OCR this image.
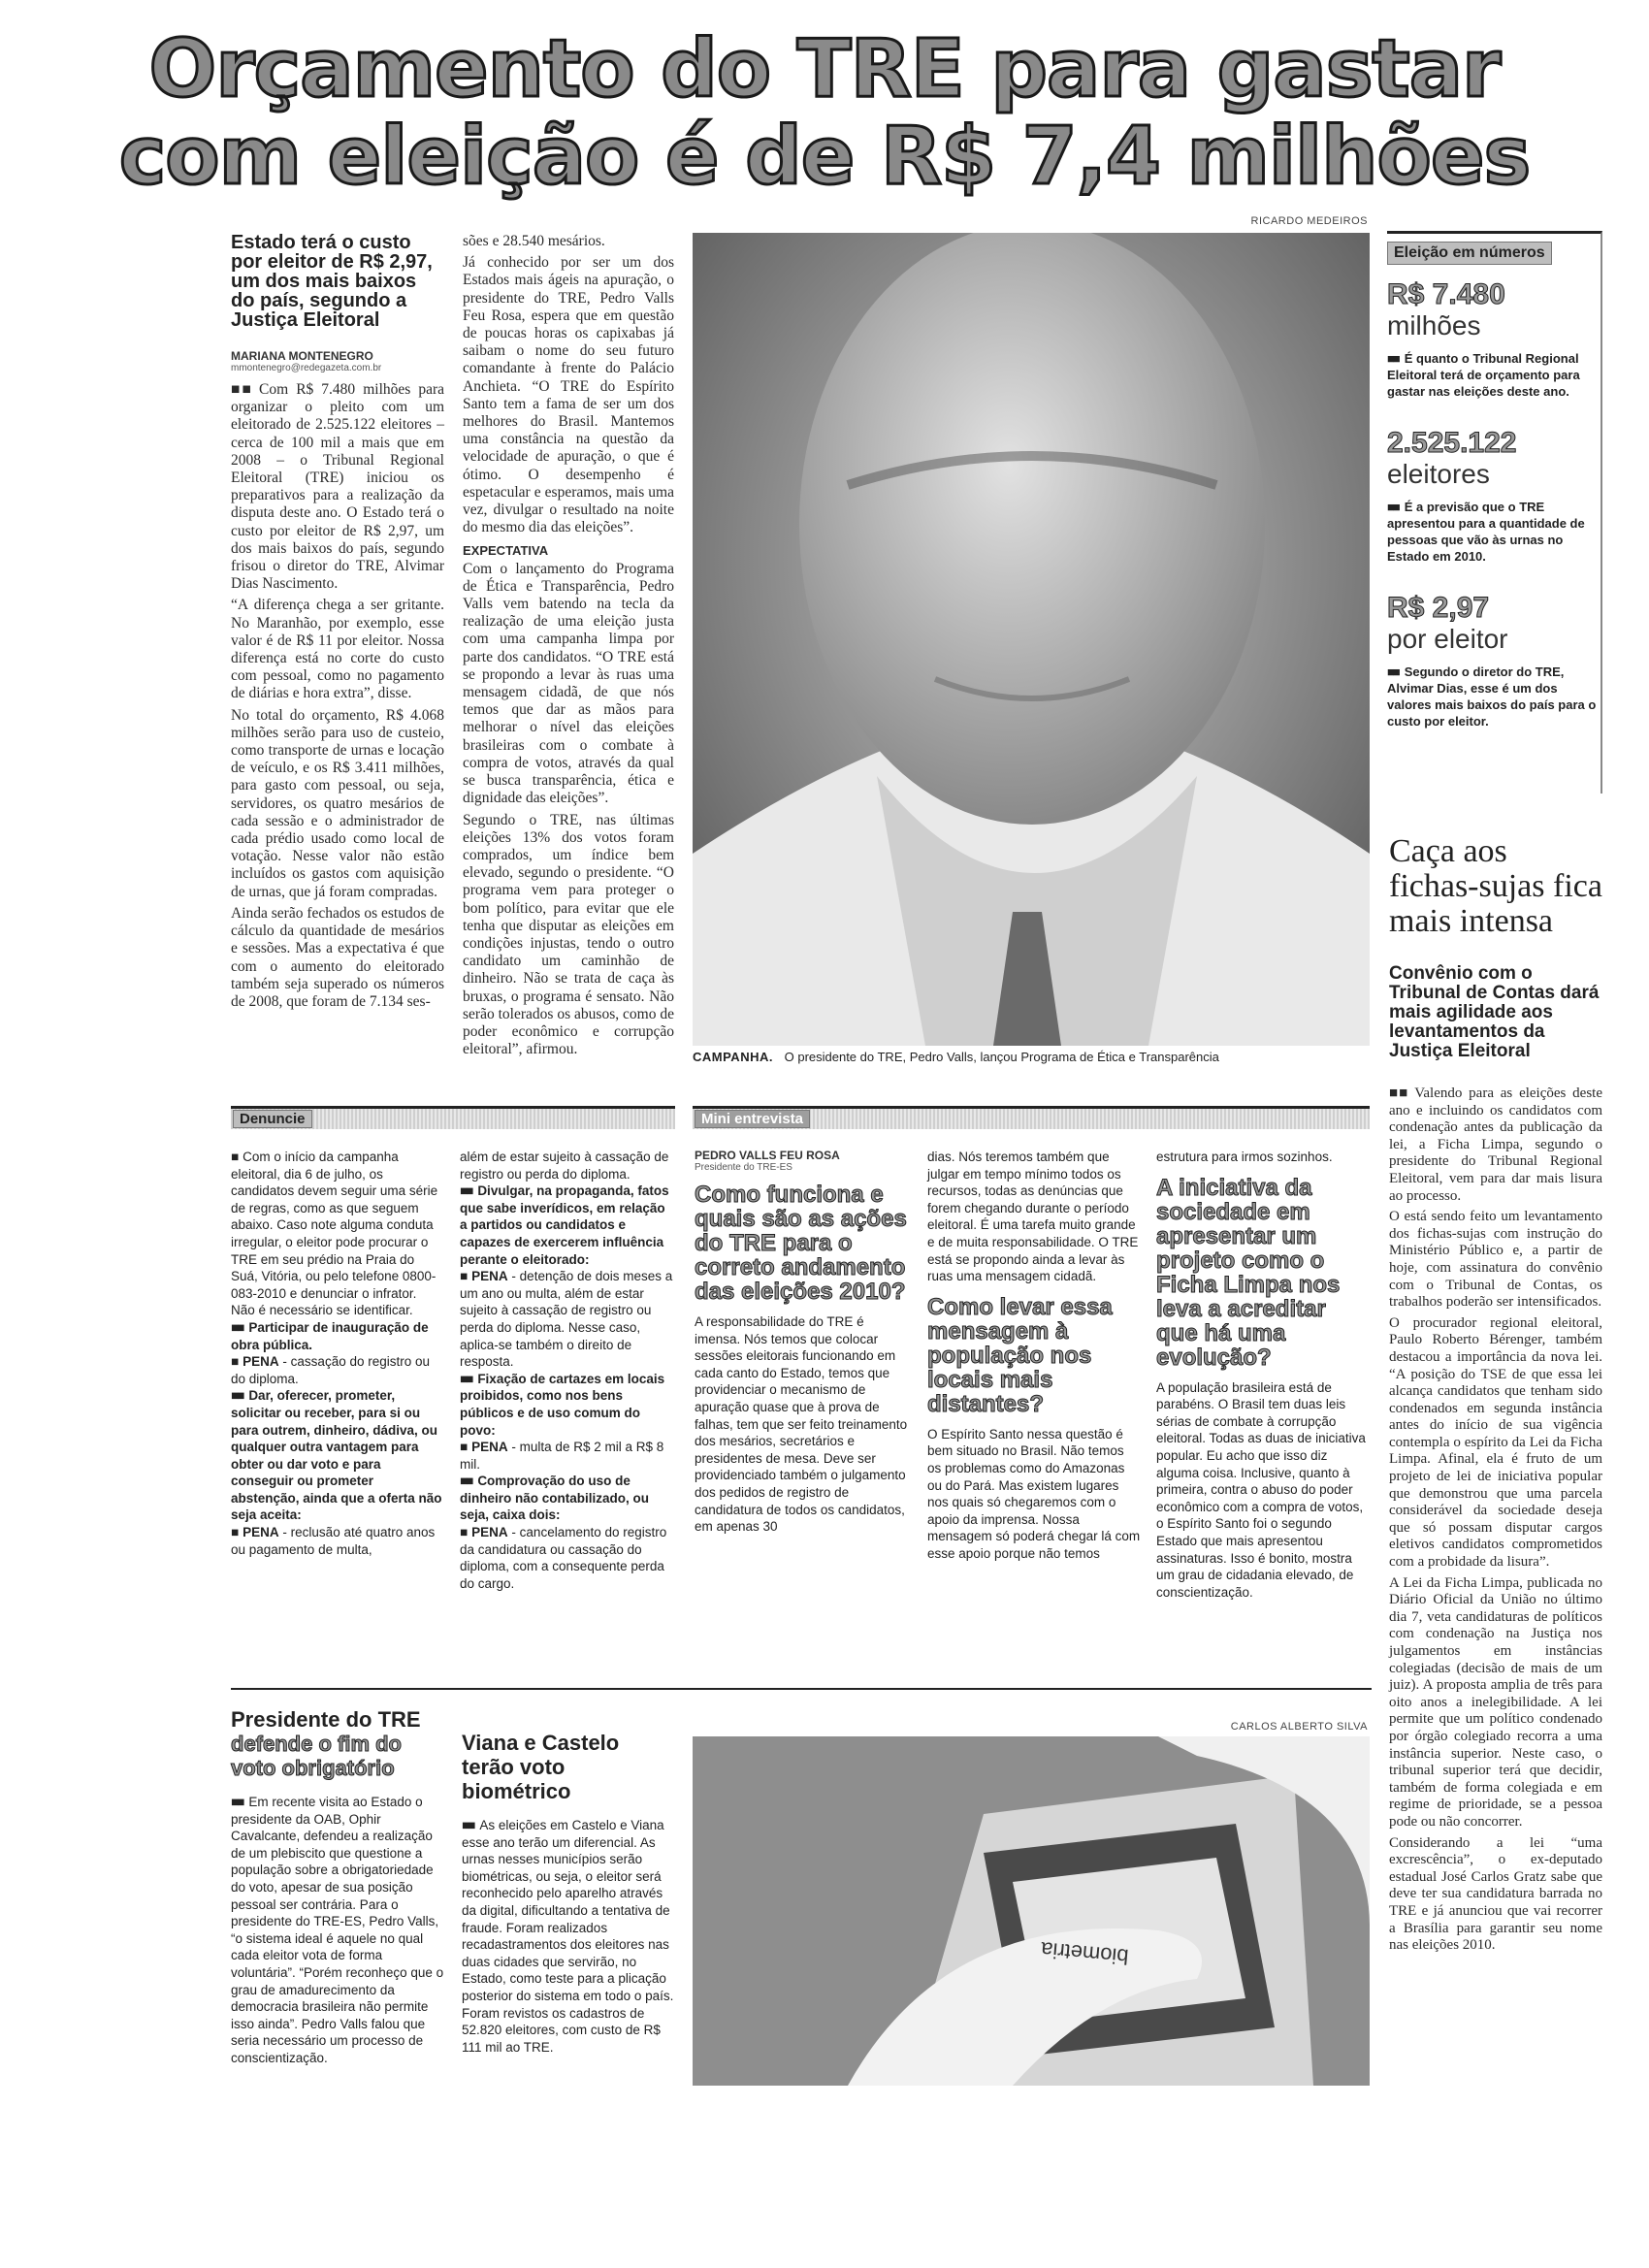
Orçamento do TRE para gastar
com eleição é de R$ 7,4 milhões
Estado terá o custo por eleitor de R$ 2,97, um dos mais baixos do país, segundo a Justiça Eleitoral
MARIANA MONTENEGRO
mmontenegro@redegazeta.com.br

■■ Com R$ 7.480 milhões para organizar o pleito com um eleitorado de 2.525.122 eleitores – cerca de 100 mil a mais que em 2008 – o Tribunal Regional Eleitoral (TRE) iniciou os preparativos para a realização da disputa deste ano. O Estado terá o custo por eleitor de R$ 2,97, um dos mais baixos do país, segundo frisou o diretor do TRE, Alvimar Dias Nascimento.

“A diferença chega a ser gritante. No Maranhão, por exemplo, esse valor é de R$ 11 por eleitor. Nossa diferença está no corte do custo com pessoal, como no pagamento de diárias e hora extra”, disse.

No total do orçamento, R$ 4.068 milhões serão para uso de custeio, como transporte de urnas e locação de veículo, e os R$ 3.411 milhões, para gasto com pessoal, ou seja, servidores, os quatro mesários de cada sessão e o administrador de cada prédio usado como local de votação. Nesse valor não estão incluídos os gastos com aquisição de urnas, que já foram compradas.

Ainda serão fechados os estudos de cálculo da quantidade de mesários e sessões. Mas a expectativa é que com o aumento do eleitorado também seja superado os números de 2008, que foram de 7.134 ses-

sões e 28.540 mesários.

Já conhecido por ser um dos Estados mais ágeis na apuração, o presidente do TRE, Pedro Valls Feu Rosa, espera que em questão de poucas horas os capixabas já saibam o nome do seu futuro comandante à frente do Palácio Anchieta. “O TRE do Espírito Santo tem a fama de ser um dos melhores do Brasil. Mantemos uma constância na questão da velocidade de apuração, o que é ótimo. O desempenho é espetacular e esperamos, mais uma vez, divulgar o resultado na noite do mesmo dia das eleições”.

EXPECTATIVA

Com o lançamento do Programa de Ética e Transparência, Pedro Valls vem batendo na tecla da realização de uma eleição justa com uma campanha limpa por parte dos candidatos. “O TRE está se propondo a levar às ruas uma mensagem cidadã, de que nós temos que dar as mãos para melhorar o nível das eleições brasileiras com o combate à compra de votos, através da qual se busca transparência, ética e dignidade das eleições”.

Segundo o TRE, nas últimas eleições 13% dos votos foram comprados, um índice bem elevado, segundo o presidente. “O programa vem para proteger o bom político, para evitar que ele tenha que disputar as eleições em condições injustas, tendo o outro candidato um caminhão de dinheiro. Não se trata de caça às bruxas, o programa é sensato. Não serão tolerados os abusos, como de poder econômico e corrupção eleitoral”, afirmou.

RICARDO MEDEIROS
CAMPANHA. O presidente do TRE, Pedro Valls, lançou Programa de Ética e Transparência
Eleição em números
R$ 7.480
milhões
■■ É quanto o Tribunal Regional Eleitoral terá de orçamento para gastar nas eleições deste ano.
2.525.122
eleitores
■■ É a previsão que o TRE apresentou para a quantidade de pessoas que vão às urnas no Estado em 2010.
R$ 2,97
por eleitor
■■ Segundo o diretor do TRE, Alvimar Dias, esse é um dos valores mais baixos do país para o custo por eleitor.
Caça aos fichas-sujas fica mais intensa
Convênio com o Tribunal de Contas dará mais agilidade aos levantamentos da Justiça Eleitoral

■■ Valendo para as eleições deste ano e incluindo os candidatos com condenação antes da publicação da lei, a Ficha Limpa, segundo o presidente do Tribunal Regional Eleitoral, vem para dar mais lisura ao processo.

O está sendo feito um levantamento dos fichas-sujas com instrução do Ministério Público e, a partir de hoje, com assinatura do convênio com o Tribunal de Contas, os trabalhos poderão ser intensificados.

O procurador regional eleitoral, Paulo Roberto Bérenger, também destacou a importância da nova lei. “A posição do TSE de que essa lei alcança candidatos que tenham sido condenados em segunda instância antes do início de sua vigência contempla o espírito da Lei da Ficha Limpa. Afinal, ela é fruto de um projeto de lei de iniciativa popular que demonstrou que uma parcela considerável da sociedade deseja que só possam disputar cargos eletivos candidatos comprometidos com a probidade da lisura”.

A Lei da Ficha Limpa, publicada no Diário Oficial da União no último dia 7, veta candidaturas de políticos com condenação na Justiça nos julgamentos em instâncias colegiadas (decisão de mais de um juiz). A proposta amplia de três para oito anos a inelegibilidade. A lei permite que um político condenado por órgão colegiado recorra a uma instância superior. Neste caso, o tribunal superior terá que decidir, também de forma colegiada e em regime de prioridade, se a pessoa pode ou não concorrer.

Considerando a lei “uma excrescência”, o ex-deputado estadual José Carlos Gratz sabe que deve ter sua candidatura barrada no TRE e já anunciou que vai recorrer a Brasília para garantir seu nome nas eleições 2010.

Denuncie

■ Com o início da campanha eleitoral, dia 6 de julho, os candidatos devem seguir uma série de regras, como as que seguem abaixo. Caso note alguma conduta irregular, o eleitor pode procurar o TRE em seu prédio na Praia do Suá, Vitória, ou pelo telefone 0800-083-2010 e denunciar o infrator. Não é necessário se identificar.

■■ Participar de inauguração de obra pública.

■ PENA - cassação do registro ou do diploma.

■■ Dar, oferecer, prometer, solicitar ou receber, para si ou para outrem, dinheiro, dádiva, ou qualquer outra vantagem para obter ou dar voto e para conseguir ou prometer abstenção, ainda que a oferta não seja aceita:

■ PENA - reclusão até quatro anos ou pagamento de multa,

além de estar sujeito à cassação de registro ou perda do diploma.

■■ Divulgar, na propaganda, fatos que sabe inverídicos, em relação a partidos ou candidatos e capazes de exercerem influência perante o eleitorado:

■ PENA - detenção de dois meses a um ano ou multa, além de estar sujeito à cassação de registro ou perda do diploma. Nesse caso, aplica-se também o direito de resposta.

■■ Fixação de cartazes em locais proibidos, como nos bens públicos e de uso comum do povo:

■ PENA - multa de R$ 2 mil a R$ 8 mil.

■■ Comprovação do uso de dinheiro não contabilizado, ou seja, caixa dois:

■ PENA - cancelamento do registro da candidatura ou cassação do diploma, com a consequente perda do cargo.

Mini entrevista
PEDRO VALLS FEU ROSA
Presidente do TRE-ES
Como funciona e quais são as ações do TRE para o correto andamento das eleições 2010?
A responsabilidade do TRE é imensa. Nós temos que colocar sessões eleitorais funcionando em cada canto do Estado, temos que providenciar o mecanismo de apuração quase que à prova de falhas, tem que ser feito treinamento dos mesários, secretários e presidentes de mesa. Deve ser providenciado também o julgamento dos pedidos de registro de candidatura de todos os candidatos, em apenas 30
dias. Nós teremos também que julgar em tempo mínimo todos os recursos, todas as denúncias que forem chegando durante o período eleitoral. É uma tarefa muito grande e de muita responsabilidade. O TRE está se propondo ainda a levar às ruas uma mensagem cidadã.
Como levar essa mensagem à população nos locais mais distantes?
O Espírito Santo nessa questão é bem situado no Brasil. Não temos os problemas como do Amazonas ou do Pará. Mas existem lugares nos quais só chegaremos com o apoio da imprensa. Nossa mensagem só poderá chegar lá com esse apoio porque não temos
estrutura para irmos sozinhos.
A iniciativa da sociedade em apresentar um projeto como o Ficha Limpa nos leva a acreditar que há uma evolução?
A população brasileira está de parabéns. O Brasil tem duas leis sérias de combate à corrupção eleitoral. Todas as duas de iniciativa popular. Eu acho que isso diz alguma coisa. Inclusive, quanto à primeira, contra o abuso do poder econômico com a compra de votos, o Espírito Santo foi o segundo Estado que mais apresentou assinaturas. Isso é bonito, mostra um grau de cidadania elevado, de conscientização.
Presidente do TRE
defende o fim do voto obrigatório
■■ Em recente visita ao Estado o presidente da OAB, Ophir Cavalcante, defendeu a realização de um plebiscito que questione a população sobre a obrigatoriedade do voto, apesar de sua posição pessoal ser contrária. Para o presidente do TRE-ES, Pedro Valls, “o sistema ideal é aquele no qual cada eleitor vota de forma voluntária”. “Porém reconheço que o grau de amadurecimento da democracia brasileira não permite isso ainda”. Pedro Valls falou que seria necessário um processo de conscientização.
Viana e Castelo terão voto biométrico
■■ As eleições em Castelo e Viana esse ano terão um diferencial. As urnas nesses municípios serão biométricas, ou seja, o eleitor será reconhecido pelo aparelho através da digital, dificultando a tentativa de fraude. Foram realizados recadastramentos dos eleitores nas duas cidades que servirão, no Estado, como teste para a plicação posterior do sistema em todo o país. Foram revistos os cadastros de 52.820 eleitores, com custo de R$ 111 mil ao TRE.
CARLOS ALBERTO SILVA
biometria
